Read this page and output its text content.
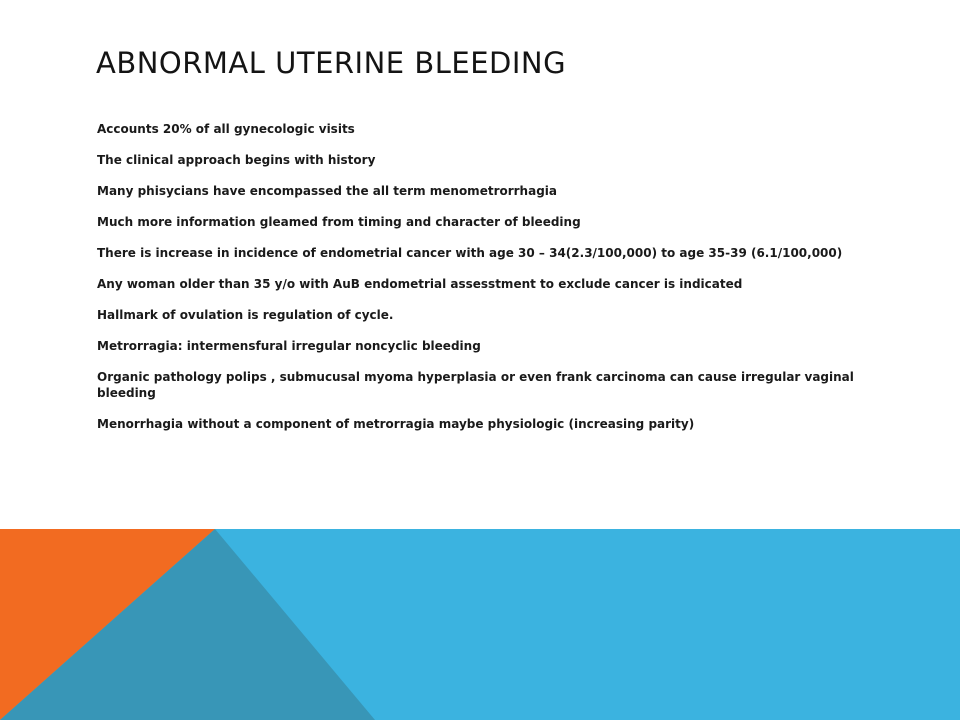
ABNORMAL UTERINE BLEEDING
Accounts 20% of all gynecologic visits
The clinical approach begins with history
Many phisycians have encompassed the all term menometrorrhagia
Much more information gleamed from timing and character of bleeding
There is increase in incidence of endometrial cancer with age 30 – 34(2.3/100,000) to age 35-39 (6.1/100,000)
Any woman older than 35 y/o with AuB endometrial assesstment to exclude cancer is indicated
Hallmark of ovulation is regulation of cycle.
Metrorragia: intermensfural irregular noncyclic bleeding
Organic pathology polips , submucusal myoma hyperplasia or even frank carcinoma can cause irregular vaginal bleeding
Menorrhagia without a component of metrorragia maybe physiologic (increasing parity)
